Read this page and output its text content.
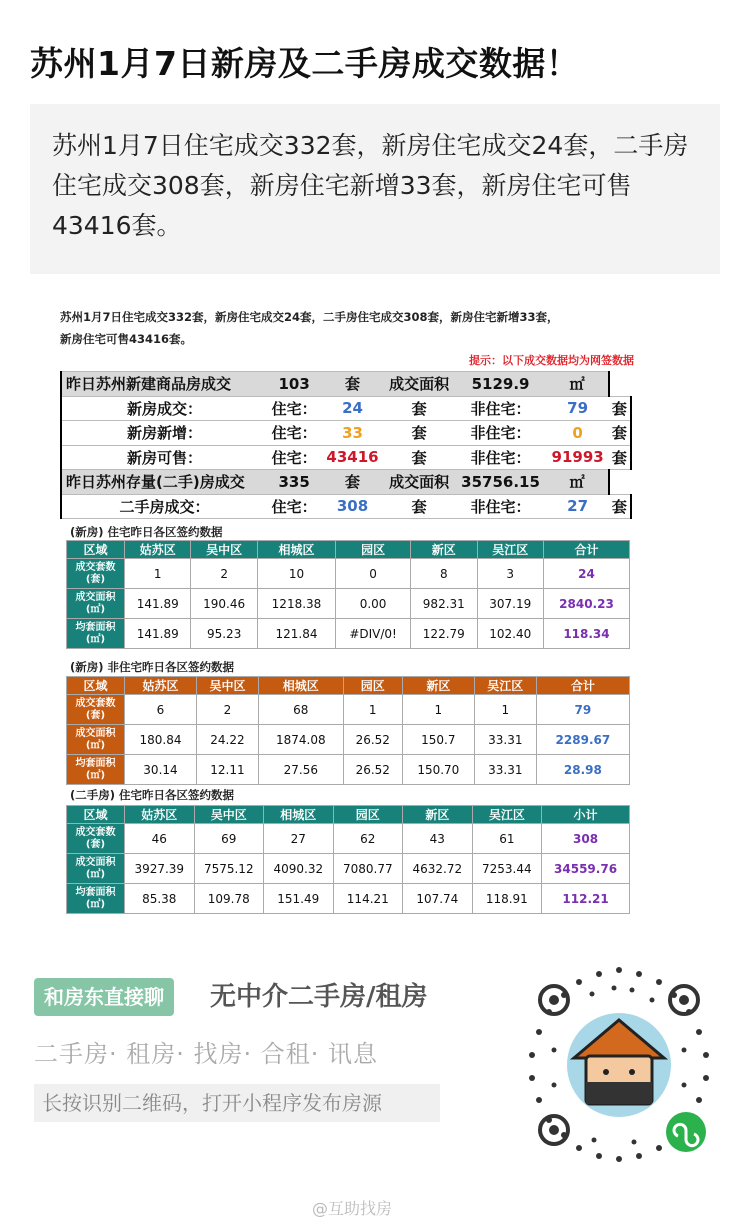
苏州1月7日新房及二手房成交数据！

苏州1月7日住宅成交332套，新房住宅成交24套，二手房住宅成交308套，新房住宅新增33套，新房住宅可售43416套。

苏州1月7日住宅成交332套，新房住宅成交24套，二手房住宅成交308套，新房住宅新增33套，
新房住宅可售43416套。
提示：以下成交数据均为网签数据
昨日苏州新建商品房成交	103	套	成交面积	5129.9	㎡	
新房成交：	住宅：	24	套	非住宅：	79	套
新房新增：	住宅：	33	套	非住宅：	0	套
新房可售：	住宅：	43416	套	非住宅：	91993	套
昨日苏州存量(二手)房成交	335	套	成交面积	35756.15	㎡	
二手房成交：	住宅：	308	套	非住宅：	27	套
(新房) 住宅昨日各区签约数据
区域	姑苏区	吴中区	相城区	园区	新区	吴江区	合计
成交套数(套)	1	2	10	0	8	3	24
成交面积(㎡)	141.89	190.46	1218.38	0.00	982.31	307.19	2840.23
均套面积(㎡)	141.89	95.23	121.84	#DIV/0!	122.79	102.40	118.34
(新房) 非住宅昨日各区签约数据
区域	姑苏区	吴中区	相城区	园区	新区	吴江区	合计
成交套数(套)	6	2	68	1	1	1	79
成交面积(㎡)	180.84	24.22	1874.08	26.52	150.7	33.31	2289.67
均套面积(㎡)	30.14	12.11	27.56	26.52	150.70	33.31	28.98
(二手房) 住宅昨日各区签约数据
区域	姑苏区	吴中区	相城区	园区	新区	吴江区	小计
成交套数(套)	46	69	27	62	43	61	308
成交面积(㎡)	3927.39	7575.12	4090.32	7080.77	4632.72	7253.44	34559.76
均套面积(㎡)	85.38	109.78	151.49	114.21	107.74	118.91	112.21
和房东直接聊	无中介二手房/租房
二手房· 租房· 找房· 合租· 讯息
长按识别二维码，打开小程序发布房源
@互助找房
